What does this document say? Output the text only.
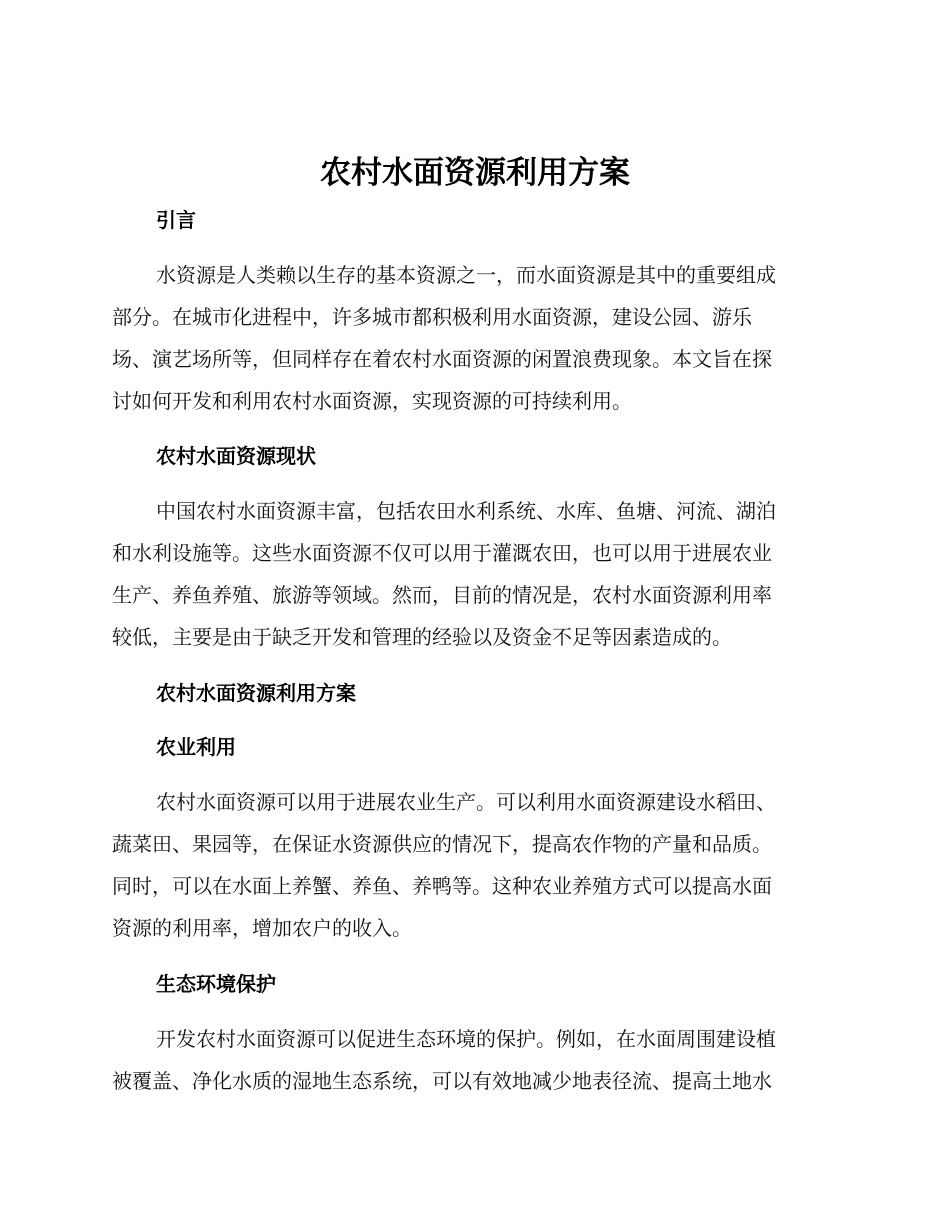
农村水面资源利用方案
引言
水资源是人类赖以生存的基本资源之一，而水面资源是其中的重要组成
部分。在城市化进程中，许多城市都积极利用水面资源，建设公园、游乐
场、演艺场所等，但同样存在着农村水面资源的闲置浪费现象。本文旨在探
讨如何开发和利用农村水面资源，实现资源的可持续利用。
农村水面资源现状
中国农村水面资源丰富，包括农田水利系统、水库、鱼塘、河流、湖泊
和水利设施等。这些水面资源不仅可以用于灌溉农田，也可以用于进展农业
生产、养鱼养殖、旅游等领域。然而，目前的情况是，农村水面资源利用率
较低，主要是由于缺乏开发和管理的经验以及资金不足等因素造成的。
农村水面资源利用方案
农业利用
农村水面资源可以用于进展农业生产。可以利用水面资源建设水稻田、
蔬菜田、果园等，在保证水资源供应的情况下，提高农作物的产量和品质。
同时，可以在水面上养蟹、养鱼、养鸭等。这种农业养殖方式可以提高水面
资源的利用率，增加农户的收入。
生态环境保护
开发农村水面资源可以促进生态环境的保护。例如，在水面周围建设植
被覆盖、净化水质的湿地生态系统，可以有效地减少地表径流、提高土地水
